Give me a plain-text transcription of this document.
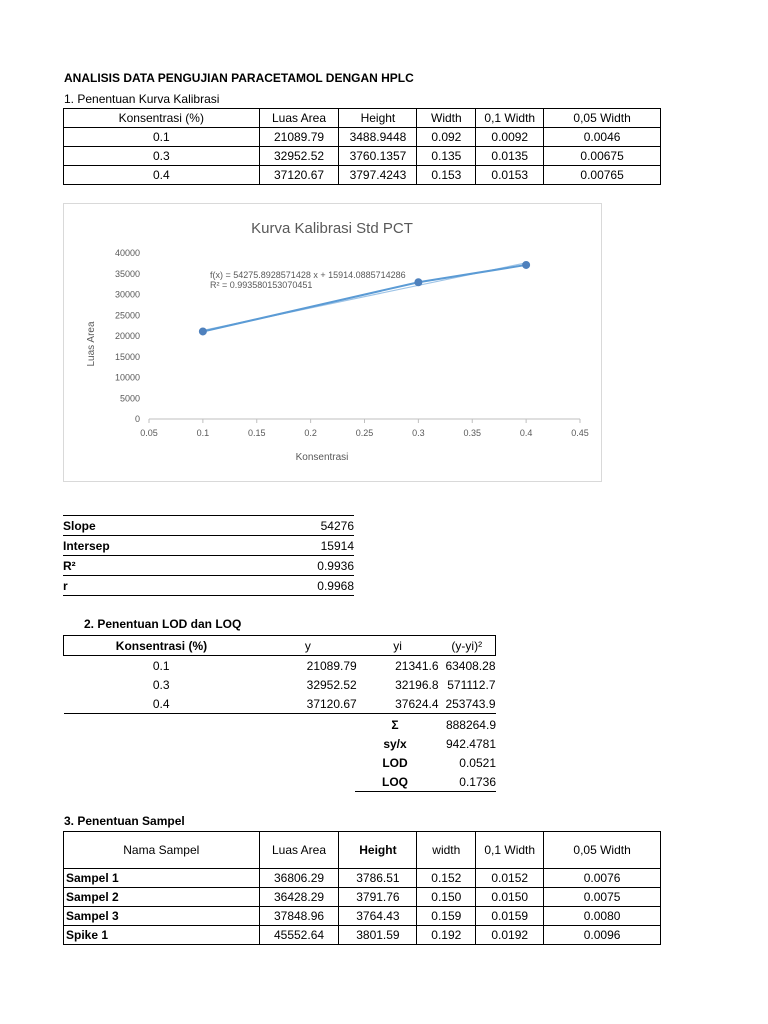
ANALISIS DATA PENGUJIAN PARACETAMOL DENGAN HPLC
1. Penentuan Kurva Kalibrasi
Konsentrasi (%)	Luas Area	Height	Width	0,1 Width	0,05 Width
0.1	21089.79	3488.9448	0.092	0.0092	0.0046
0.3	32952.52	3760.1357	0.135	0.0135	0.00675
0.4	37120.67	3797.4243	0.153	0.0153	0.00765
Kurva Kalibrasi Std PCT
Konsentrasi
Luas Area
f(x) = 54275.8928571428 x + 15914.0885714286
R² = 0.993580153070451
0.05	0.1	0.15	0.2	0.25	0.3	0.35	0.4	0.45
0
5000
10000
15000
20000
25000
30000
35000
40000
Slope	54276
Intersep	15914
R²	0.9936
r	0.9968
2. Penentuan LOD dan LOQ
Konsentrasi (%)	y	yi	(y-yi)²
0.1	21089.79	21341.6	63408.28
0.3	32952.52	32196.8	571112.7
0.4	37120.67	37624.4	253743.9
Σ	888264.9
sy/x	942.4781
LOD	0.0521
LOQ	0.1736
3. Penentuan Sampel
Nama Sampel	Luas Area	Height	width	0,1 Width	0,05 Width
Sampel 1	36806.29	3786.51	0.152	0.0152	0.0076
Sampel 2	36428.29	3791.76	0.150	0.0150	0.0075
Sampel 3	37848.96	3764.43	0.159	0.0159	0.0080
Spike 1	45552.64	3801.59	0.192	0.0192	0.0096
